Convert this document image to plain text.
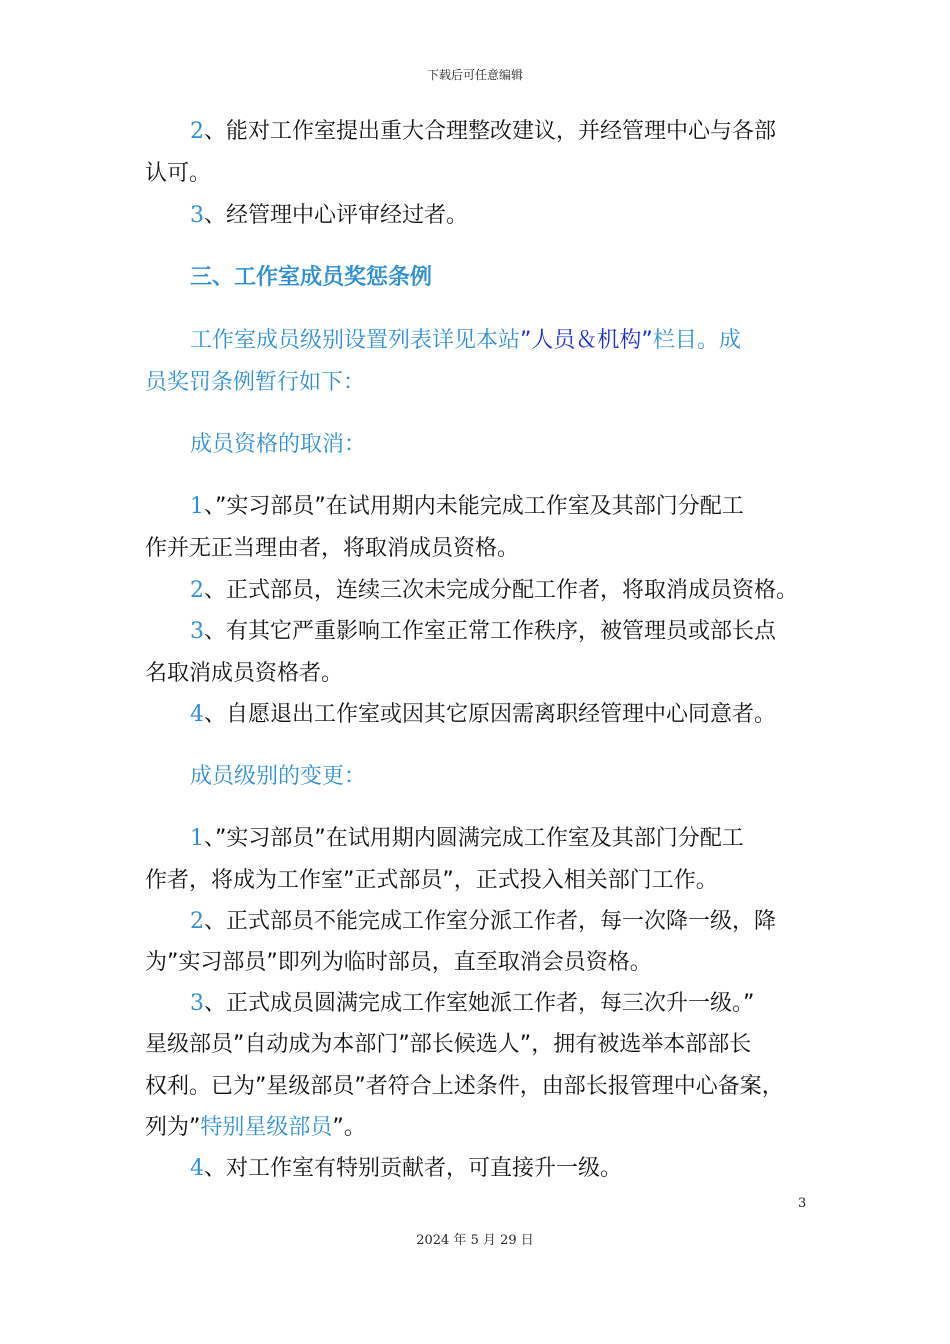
下载后可任意编辑
2、能对工作室提出重大合理整改建议，并经管理中心与各部
认可。
3、经管理中心评审经过者。
三、工作室成员奖惩条例
工作室成员级别设置列表详见本站”人员＆机构”栏目。成
员奖罚条例暂行如下：
成员资格的取消：
1、”实习部员”在试用期内未能完成工作室及其部门分配工
作并无正当理由者，将取消成员资格。
2、正式部员，连续三次未完成分配工作者，将取消成员资格。
3、有其它严重影响工作室正常工作秩序，被管理员或部长点
名取消成员资格者。
4、自愿退出工作室或因其它原因需离职经管理中心同意者。
成员级别的变更：
1、”实习部员”在试用期内圆满完成工作室及其部门分配工
作者，将成为工作室”正式部员”，正式投入相关部门工作。
2、正式部员不能完成工作室分派工作者，每一次降一级，降
为”实习部员”即列为临时部员，直至取消会员资格。
3、正式成员圆满完成工作室她派工作者，每三次升一级。”
星级部员”自动成为本部门”部长候选人”，拥有被选举本部部长
权利。已为”星级部员”者符合上述条件，由部长报管理中心备案，
列为”特别星级部员”。
4、对工作室有特别贡献者，可直接升一级。
3
2024 年 5 月 29 日
